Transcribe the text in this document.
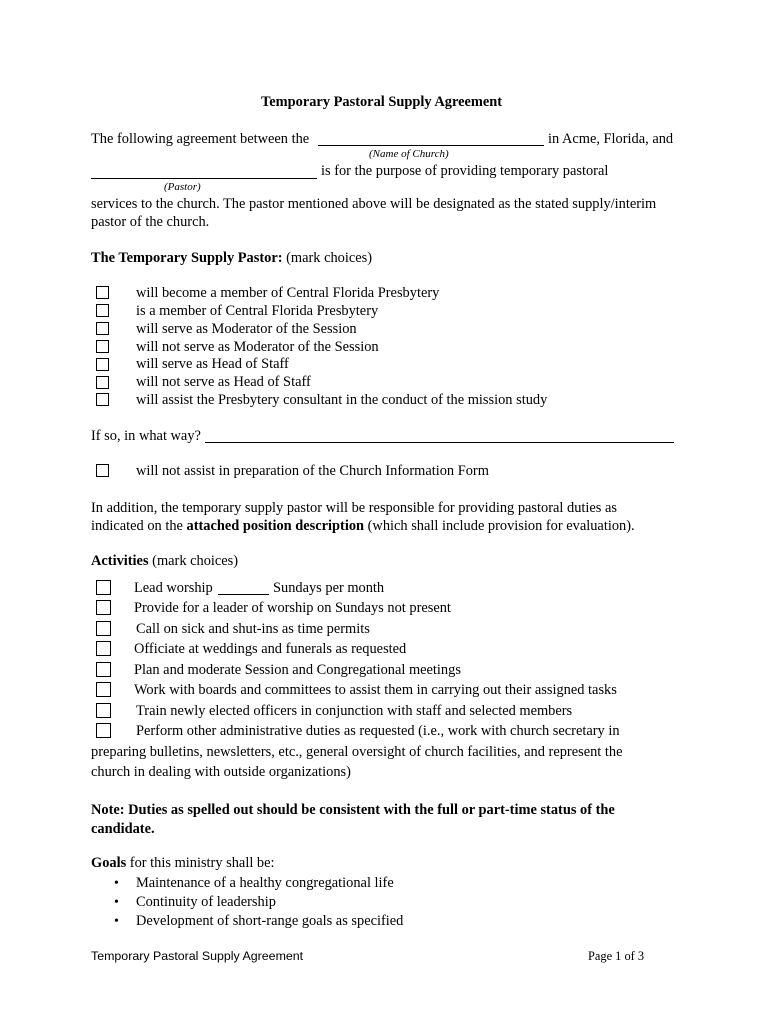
Temporary Pastoral Supply Agreement
The following agreement between the	in Acme, Florida, and
(Name of Church)
is for the purpose of providing temporary pastoral
(Pastor)
services to the church. The pastor mentioned above will be designated as the stated supply/interim
pastor of the church.
The Temporary Supply Pastor: (mark choices)
will become a member of Central Florida Presbytery
is a member of Central Florida Presbytery
will serve as Moderator of the Session
will not serve as Moderator of the Session
will serve as Head of Staff
will not serve as Head of Staff
will assist the Presbytery consultant in the conduct of the mission study
If so, in what way?
will not assist in preparation of the Church Information Form
In addition, the temporary supply pastor will be responsible for providing pastoral duties as
indicated on the attached position description (which shall include provision for evaluation).
Activities (mark choices)
Lead worship	Sundays per month
Provide for a leader of worship on Sundays not present
Call on sick and shut-ins as time permits
Officiate at weddings and funerals as requested
Plan and moderate Session and Congregational meetings
Work with boards and committees to assist them in carrying out their assigned tasks
Train newly elected officers in conjunction with staff and selected members
Perform other administrative duties as requested (i.e., work with church secretary in
preparing bulletins, newsletters, etc., general oversight of church facilities, and represent the
church in dealing with outside organizations)
Note: Duties as spelled out should be consistent with the full or part-time status of the
candidate.
Goals for this ministry shall be:
• Maintenance of a healthy congregational life
• Continuity of leadership
• Development of short-range goals as specified
Temporary Pastoral Supply Agreement	Page 1 of 3
